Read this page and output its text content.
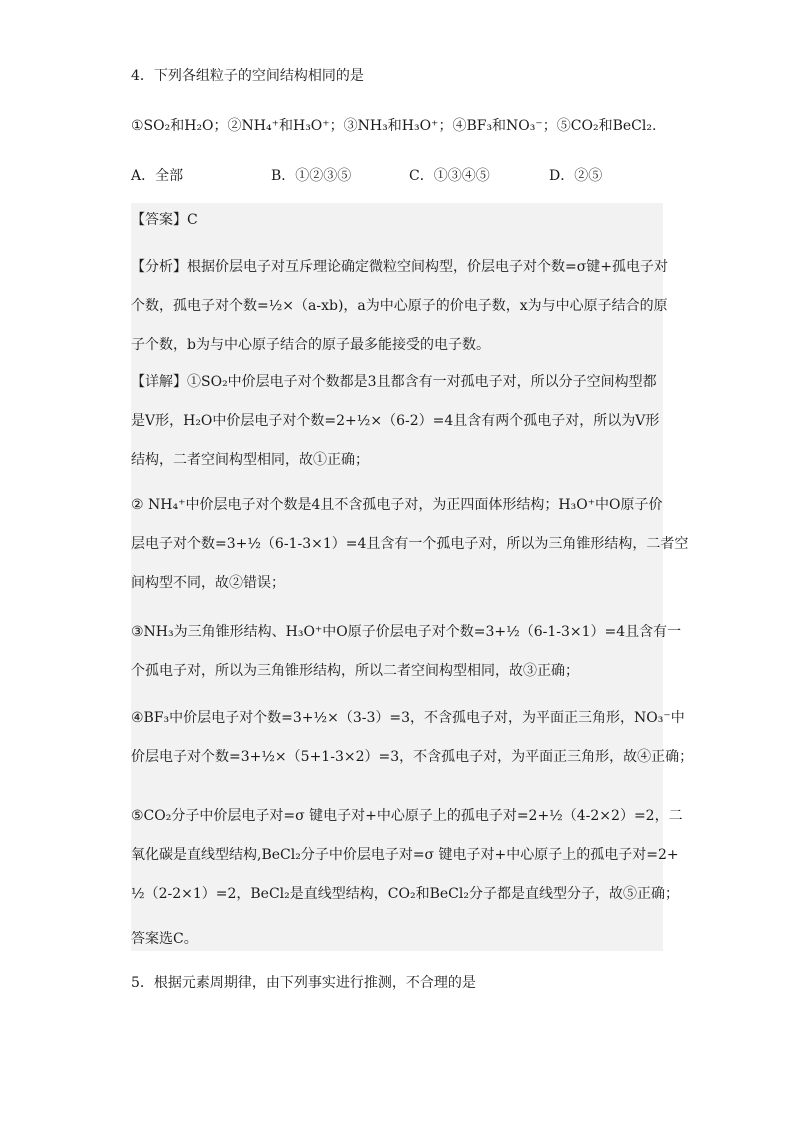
4．下列各组粒子的空间结构相同的是
①SO₂和H₂O；②NH₄⁺和H₃O⁺；③NH₃和H₃O⁺；④BF₃和NO₃⁻；⑤CO₂和BeCl₂.
A．全部	B．①②③⑤	C．①③④⑤	D．②⑤
【答案】C
【分析】根据价层电子对互斥理论确定微粒空间构型，价层电子对个数=σ键+孤电子对
个数，孤电子对个数=½×（a-xb)，a为中心原子的价电子数，x为与中心原子结合的原
子个数，b为与中心原子结合的原子最多能接受的电子数。
【详解】①SO₂中价层电子对个数都是3且都含有一对孤电子对，所以分子空间构型都
是V形，H₂O中价层电子对个数=2+½×（6-2）=4且含有两个孤电子对，所以为V形
结构，二者空间构型相同，故①正确；
② NH₄⁺中价层电子对个数是4且不含孤电子对，为正四面体形结构；H₃O⁺中O原子价
层电子对个数=3+½（6-1-3×1）=4且含有一个孤电子对，所以为三角锥形结构，二者空
间构型不同，故②错误；
③NH₃为三角锥形结构、H₃O⁺中O原子价层电子对个数=3+½（6-1-3×1）=4且含有一
个孤电子对，所以为三角锥形结构，所以二者空间构型相同，故③正确；
④BF₃中价层电子对个数=3+½×（3-3）=3，不含孤电子对，为平面正三角形，NO₃⁻中
价层电子对个数=3+½×（5+1-3×2）=3，不含孤电子对，为平面正三角形，故④正确；
⑤CO₂分子中价层电子对=σ 键电子对+中心原子上的孤电子对=2+½（4-2×2）=2，二
氧化碳是直线型结构,BeCl₂分子中价层电子对=σ 键电子对+中心原子上的孤电子对=2+
½（2-2×1）=2，BeCl₂是直线型结构，CO₂和BeCl₂分子都是直线型分子，故⑤正确；
答案选C。
5．根据元素周期律，由下列事实进行推测，不合理的是
